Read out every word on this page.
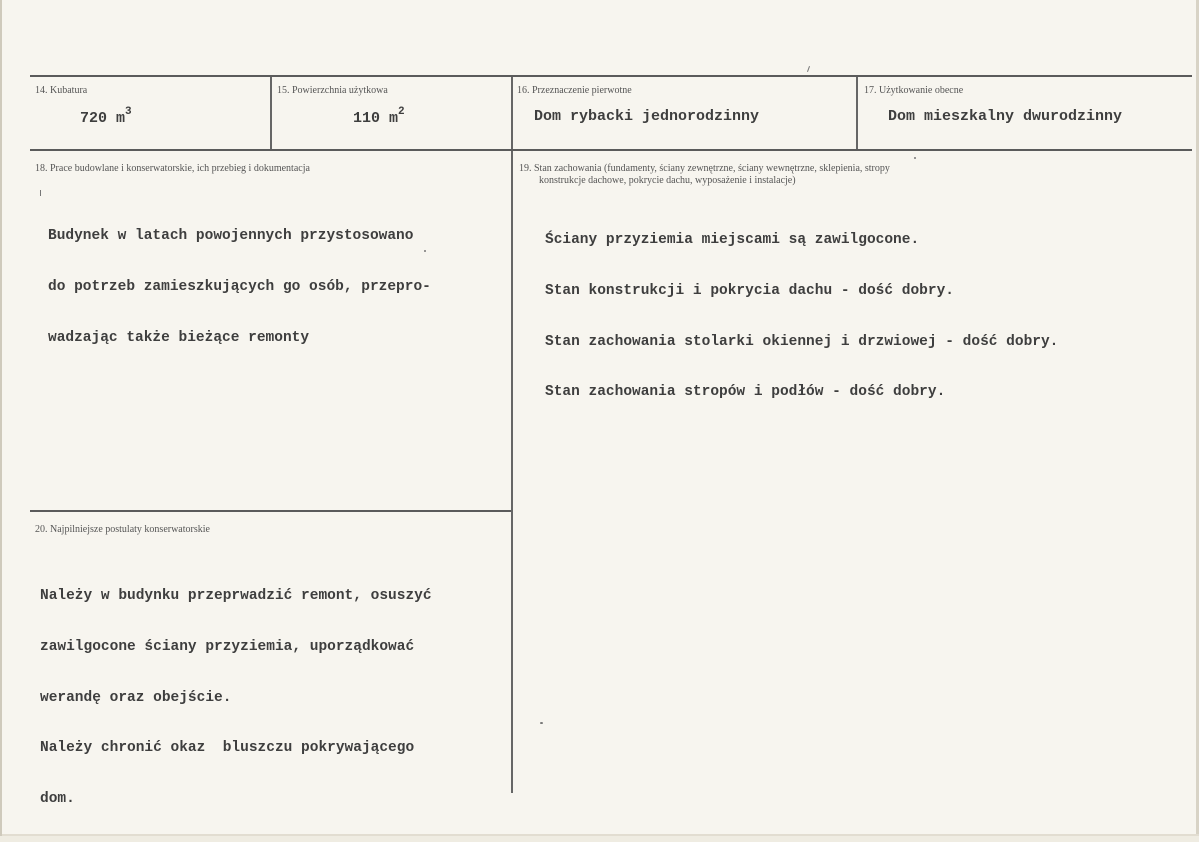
14. Kubatura
720 $m^3$
15. Powierzchnia użytkowa
110 $m^2$
16. Przeznaczenie pierwotne
Dom rybacki jednorodzinny
17. Użytkowanie obecne
Dom mieszkalny dwurodzinny
18. Prace budowlane i konserwatorskie, ich przebieg i dokumentacja

Budynek w latach powojennych przystosowano

do potrzeb zamieszkujących go osób, przepro-

wadzając także bieżące remonty

19. Stan zachowania (fundamenty, ściany zewnętrzne, ściany wewnętrzne, sklepienia, stropy
konstrukcje dachowe, pokrycie dachu, wyposażenie i instalacje)

Ściany przyziemia miejscami są zawilgocone.

Stan konstrukcji i pokrycia dachu - dość dobry.

Stan zachowania stolarki okiennej i drzwiowej - dość dobry.

Stan zachowania stropów i podłów - dość dobry.

20. Najpilniejsze postulaty konserwatorskie

Należy w budynku przeprwadzić remont, osuszyć

zawilgocone ściany przyziemia, uporządkować

werandę oraz obejście.

Należy chronić okaz  bluszczu pokrywającego

dom.
